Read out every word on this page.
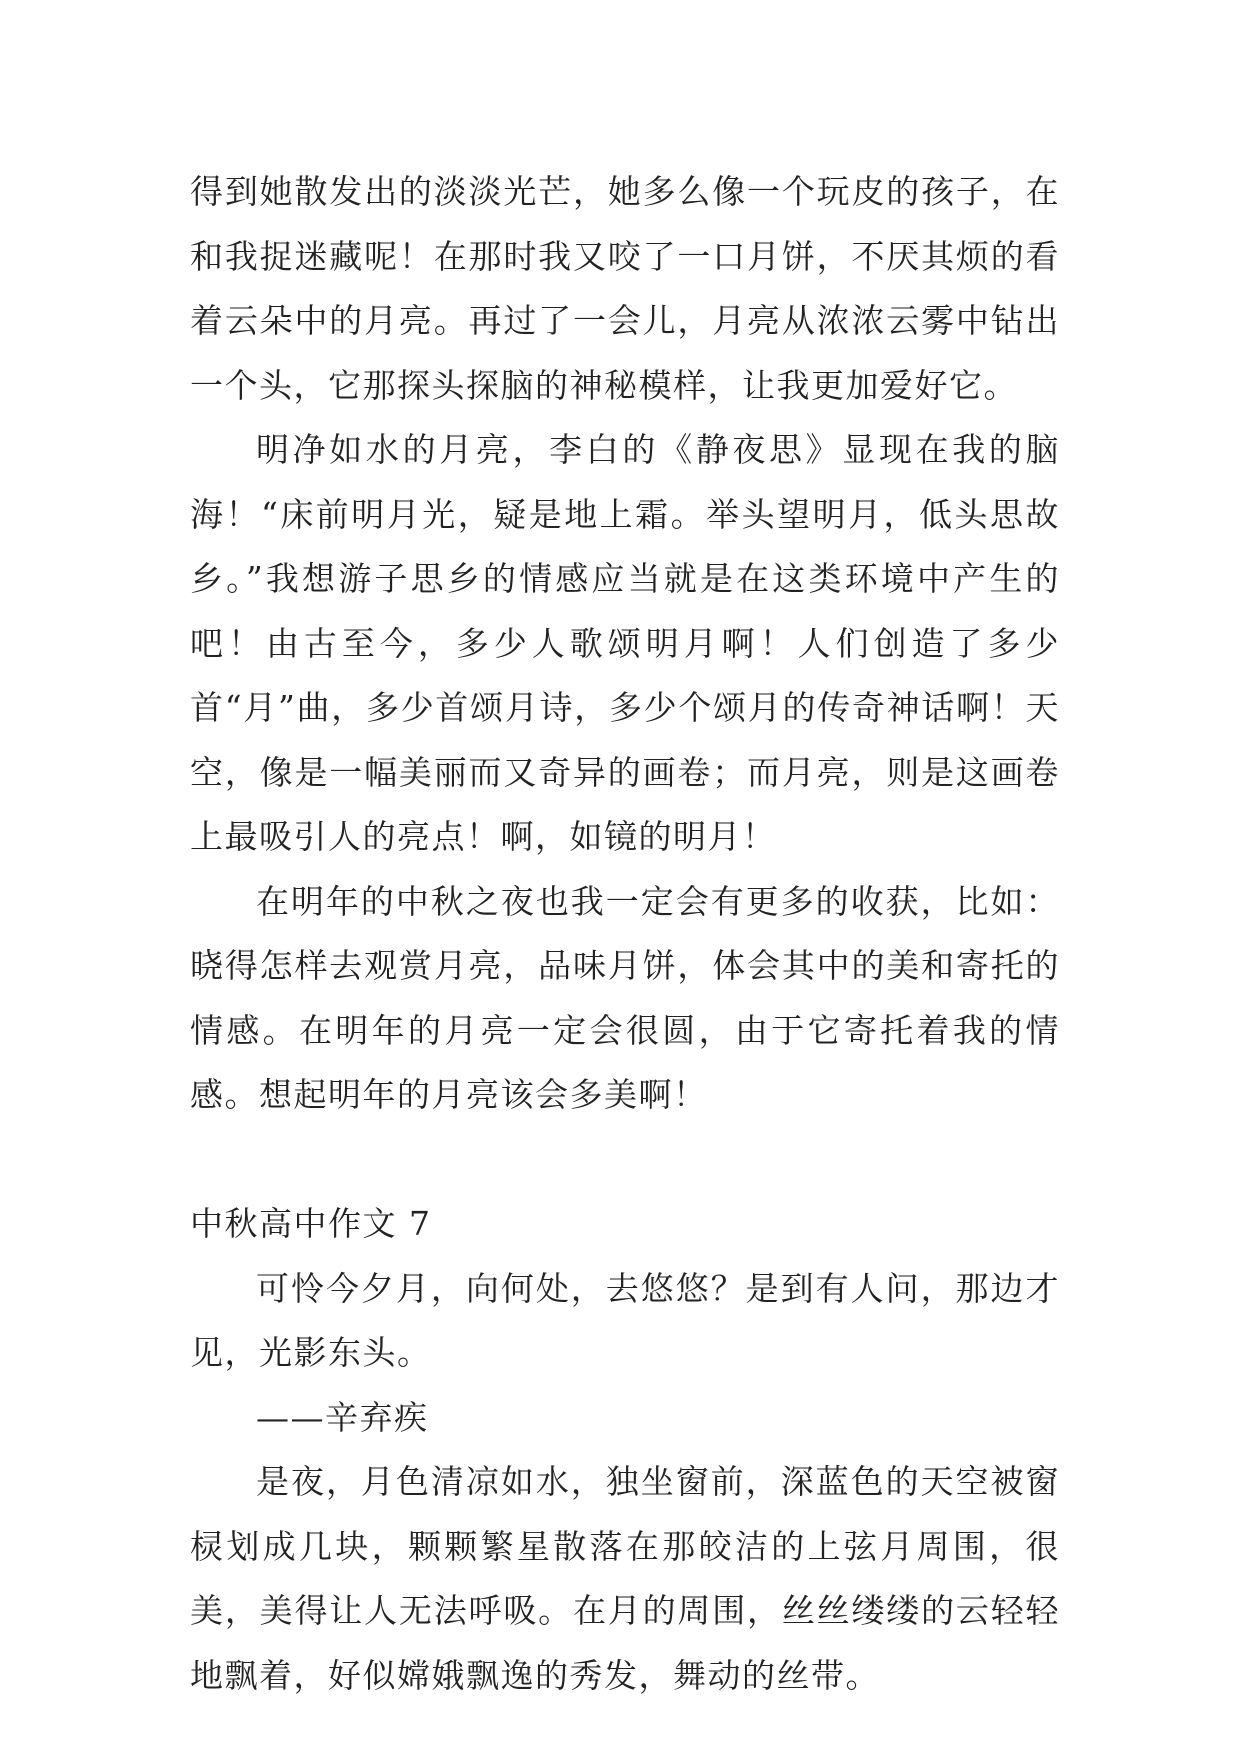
得到她散发出的淡淡光芒，她多么像一个玩皮的孩子，在和我捉迷藏呢！在那时我又咬了一口月饼，不厌其烦的看着云朵中的月亮。再过了一会儿，月亮从浓浓云雾中钻出一个头，它那探头探脑的神秘模样，让我更加爱好它。

明净如水的月亮，李白的《静夜思》显现在我的脑海！“床前明月光，疑是地上霜。举头望明月，低头思故乡。”我想游子思乡的情感应当就是在这类环境中产生的吧！由古至今，多少人歌颂明月啊！人们创造了多少首“月”曲，多少首颂月诗，多少个颂月的传奇神话啊！天空，像是一幅美丽而又奇异的画卷；而月亮，则是这画卷上最吸引人的亮点！啊，如镜的明月！

在明年的中秋之夜也我一定会有更多的收获，比如：晓得怎样去观赏月亮，品味月饼，体会其中的美和寄托的情感。在明年的月亮一定会很圆，由于它寄托着我的情感。想起明年的月亮该会多美啊！

中秋高中作文 7

可怜今夕月，向何处，去悠悠？是到有人问，那边才见，光影东头。

——辛弃疾

是夜，月色清凉如水，独坐窗前，深蓝色的天空被窗棂划成几块，颗颗繁星散落在那皎洁的上弦月周围，很美，美得让人无法呼吸。在月的周围，丝丝缕缕的云轻轻地飘着，好似嫦娥飘逸的秀发，舞动的丝带。
